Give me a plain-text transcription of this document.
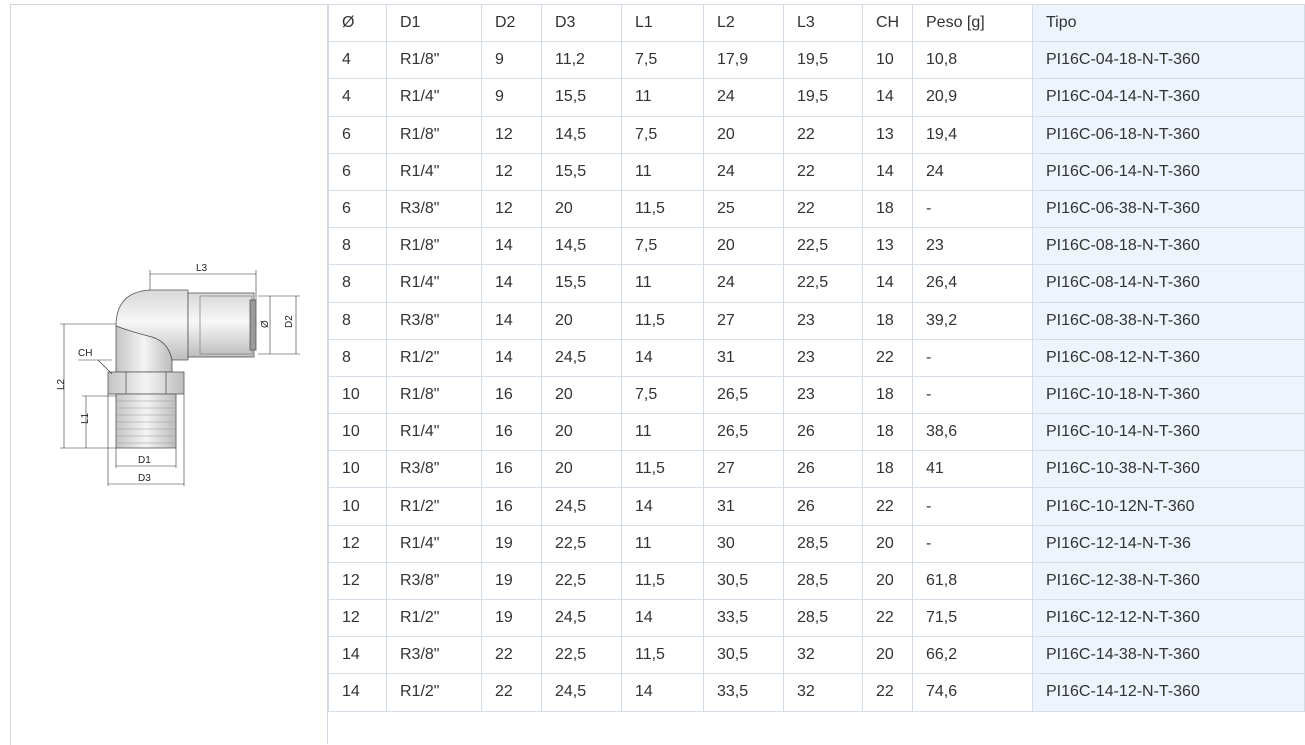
L3
Ø D2
CH
L2
L1
D1
D3
Ø	D1	D2	D3	L1	L2	L3	CH	Peso [g]	Tipo
4	R1/8"	9	11,2	7,5	17,9	19,5	10	10,8	PI16C-04-18-N-T-360
4	R1/4"	9	15,5	11	24	19,5	14	20,9	PI16C-04-14-N-T-360
6	R1/8"	12	14,5	7,5	20	22	13	19,4	PI16C-06-18-N-T-360
6	R1/4"	12	15,5	11	24	22	14	24	PI16C-06-14-N-T-360
6	R3/8"	12	20	11,5	25	22	18	-	PI16C-06-38-N-T-360
8	R1/8"	14	14,5	7,5	20	22,5	13	23	PI16C-08-18-N-T-360
8	R1/4"	14	15,5	11	24	22,5	14	26,4	PI16C-08-14-N-T-360
8	R3/8"	14	20	11,5	27	23	18	39,2	PI16C-08-38-N-T-360
8	R1/2"	14	24,5	14	31	23	22	-	PI16C-08-12-N-T-360
10	R1/8"	16	20	7,5	26,5	23	18	-	PI16C-10-18-N-T-360
10	R1/4"	16	20	11	26,5	26	18	38,6	PI16C-10-14-N-T-360
10	R3/8"	16	20	11,5	27	26	18	41	PI16C-10-38-N-T-360
10	R1/2"	16	24,5	14	31	26	22	-	PI16C-10-12N-T-360
12	R1/4"	19	22,5	11	30	28,5	20	-	PI16C-12-14-N-T-36
12	R3/8"	19	22,5	11,5	30,5	28,5	20	61,8	PI16C-12-38-N-T-360
12	R1/2"	19	24,5	14	33,5	28,5	22	71,5	PI16C-12-12-N-T-360
14	R3/8"	22	22,5	11,5	30,5	32	20	66,2	PI16C-14-38-N-T-360
14	R1/2"	22	24,5	14	33,5	32	22	74,6	PI16C-14-12-N-T-360
